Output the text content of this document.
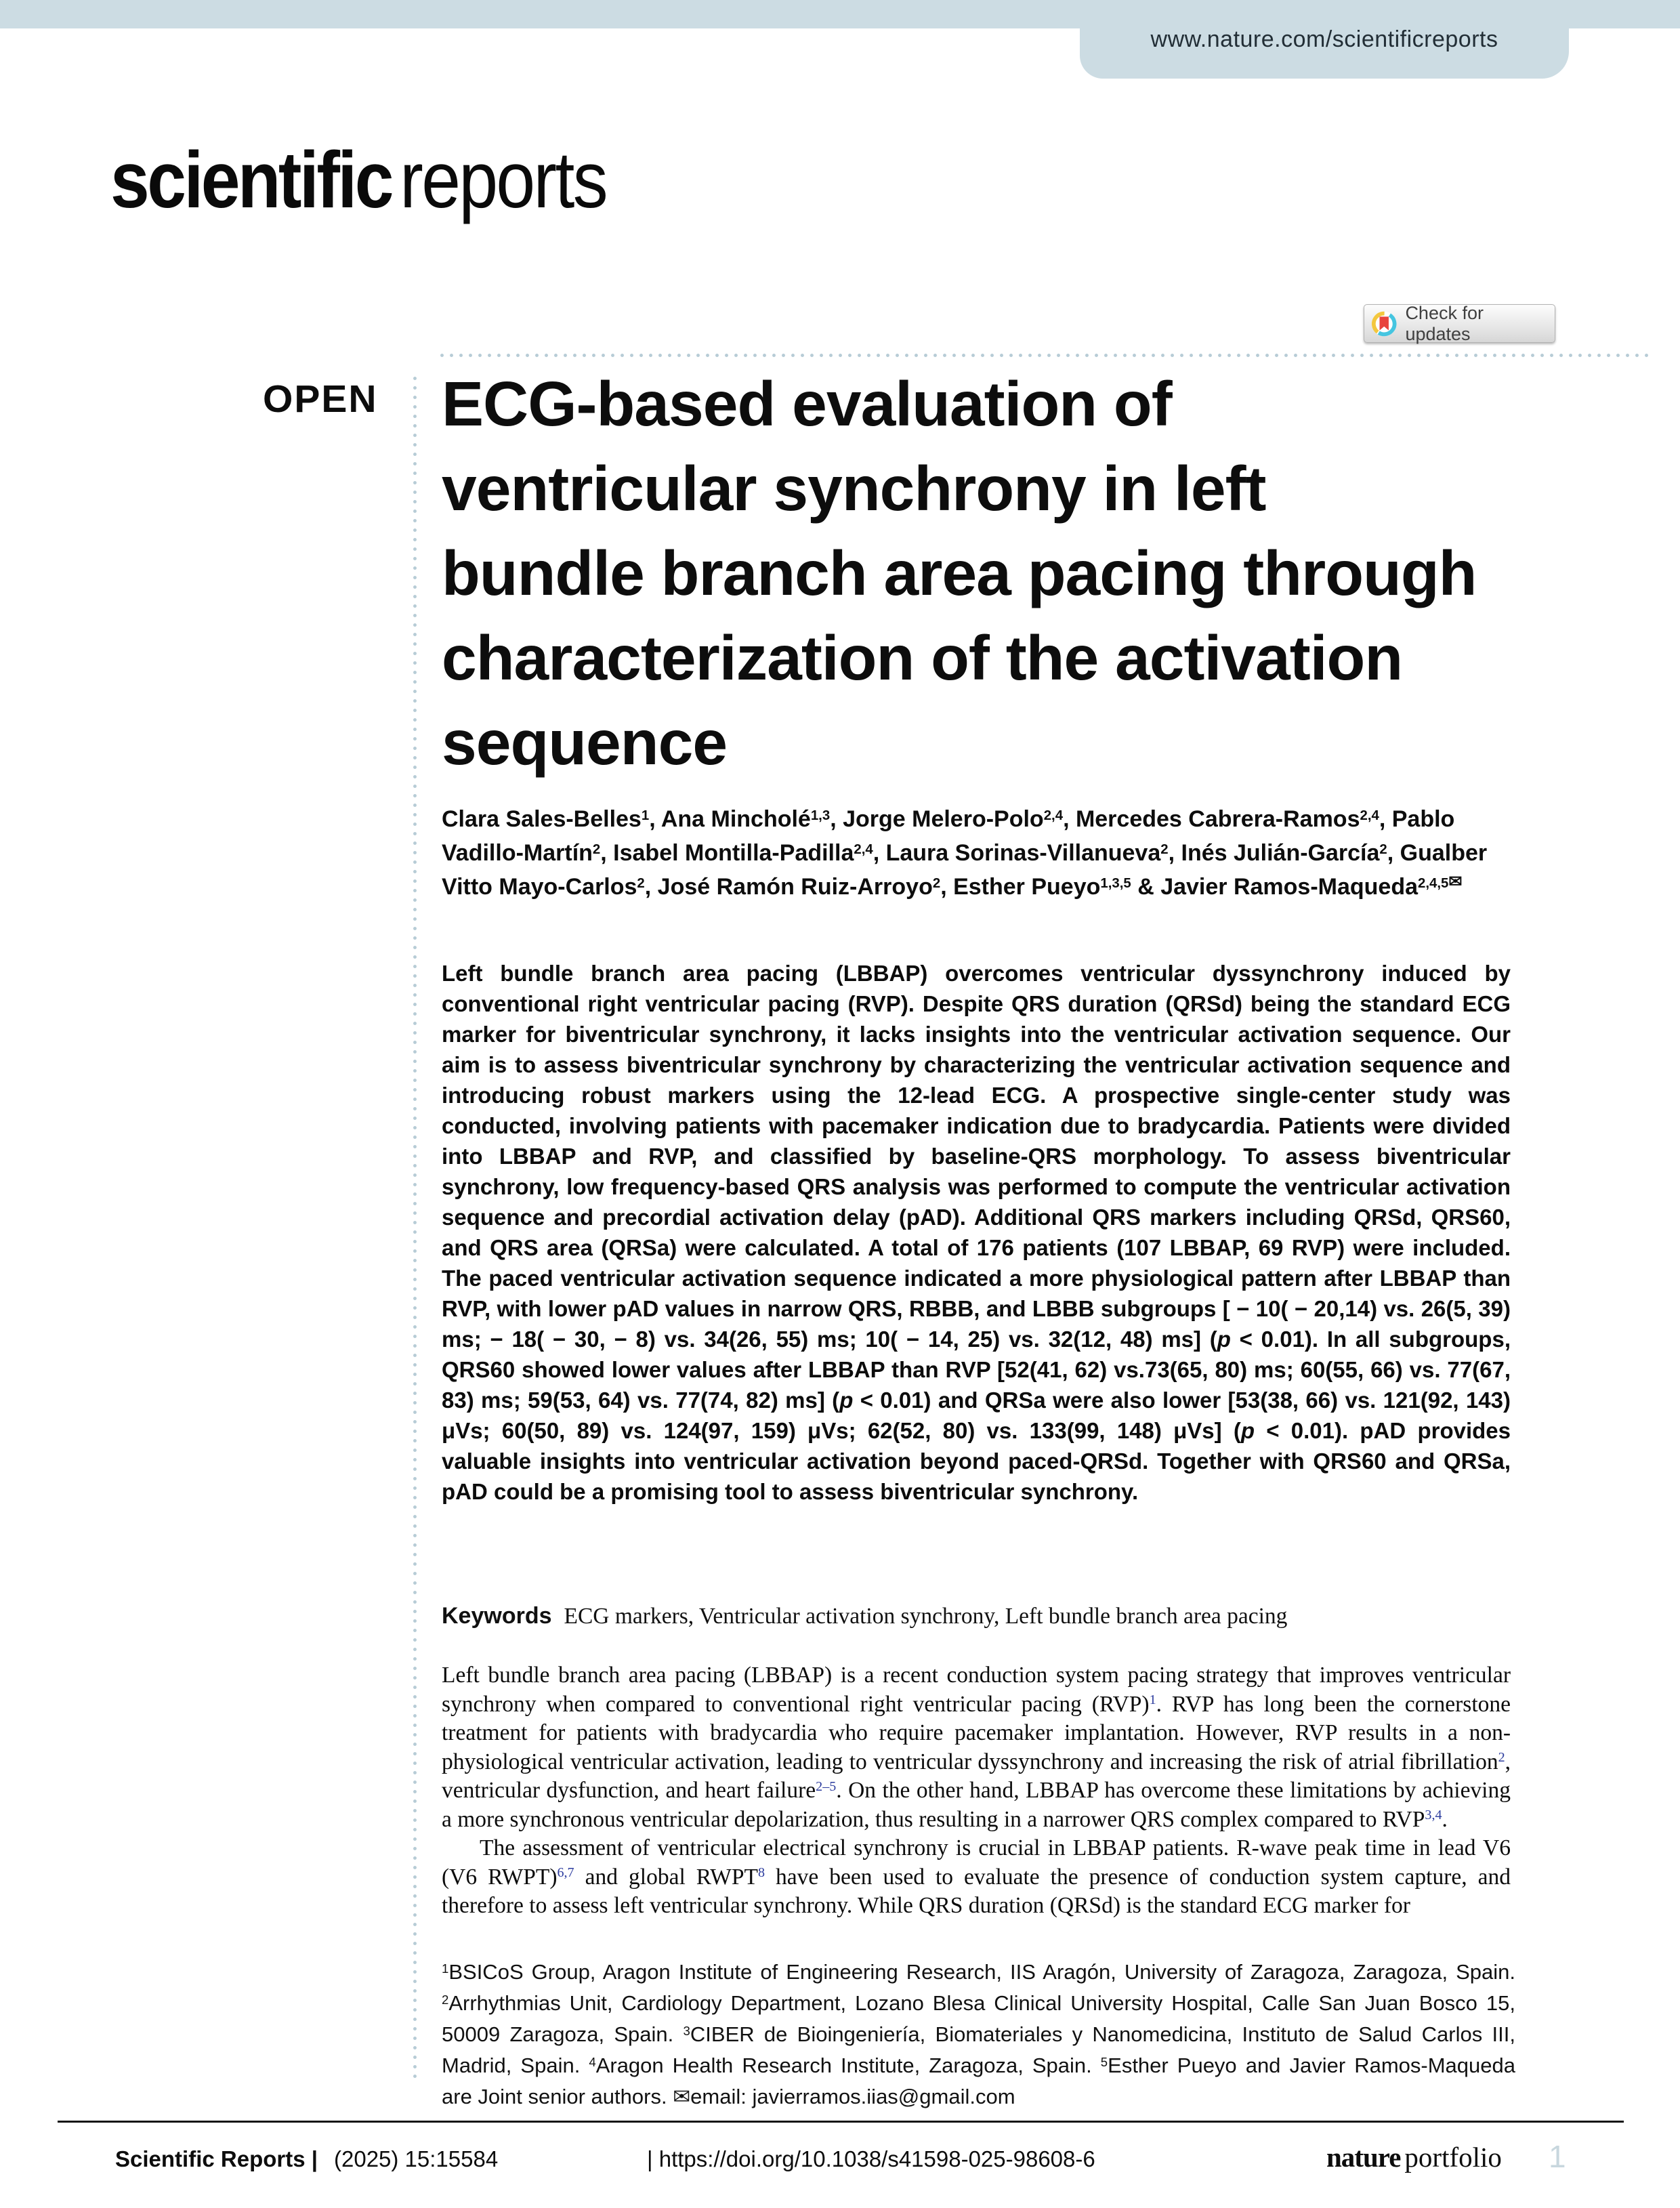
www.nature.com/scientificreports
scientific reports
Check for updates
OPEN ECG-based evaluation of
ventricular synchrony in left
bundle branch area pacing through
characterization of the activation
sequence
Clara Sales-Belles$^1$, Ana Mincholé$^{1,3}$, Jorge Melero-Polo$^{2,4}$, Mercedes Cabrera-Ramos$^{2,4}$, Pablo Vadillo-Martín$^2$, Isabel Montilla-Padilla$^{2,4}$, Laura Sorinas-Villanueva$^2$, Inés Julián-García$^2$, Gualber Vitto Mayo-Carlos$^2$, José Ramón Ruiz-Arroyo$^2$, Esther Pueyo$^{1,3,5}$ & Javier Ramos-Maqueda$^{2,4,5✉}$
Left bundle branch area pacing (LBBAP) overcomes ventricular dyssynchrony induced by conventional right ventricular pacing (RVP). Despite QRS duration (QRSd) being the standard ECG marker for biventricular synchrony, it lacks insights into the ventricular activation sequence. Our aim is to assess biventricular synchrony by characterizing the ventricular activation sequence and introducing robust markers using the 12-lead ECG. A prospective single-center study was conducted, involving patients with pacemaker indication due to bradycardia. Patients were divided into LBBAP and RVP, and classified by baseline-QRS morphology. To assess biventricular synchrony, low frequency-based QRS analysis was performed to compute the ventricular activation sequence and precordial activation delay (pAD). Additional QRS markers including QRSd, QRS60, and QRS area (QRSa) were calculated. A total of 176 patients (107 LBBAP, 69 RVP) were included. The paced ventricular activation sequence indicated a more physiological pattern after LBBAP than RVP, with lower pAD values in narrow QRS, RBBB, and LBBB subgroups [ − 10( − 20,14) vs. 26(5, 39) ms; − 18( − 30, − 8) vs. 34(26, 55) ms; 10( − 14, 25) vs. 32(12, 48) ms] (p < 0.01). In all subgroups, QRS60 showed lower values after LBBAP than RVP [52(41, 62) vs.73(65, 80) ms; 60(55, 66) vs. 77(67, 83) ms; 59(53, 64) vs. 77(74, 82) ms] (p < 0.01) and QRSa were also lower [53(38, 66) vs. 121(92, 143) μVs; 60(50, 89) vs. 124(97, 159) μVs; 62(52, 80) vs. 133(99, 148) μVs] (p < 0.01). pAD provides valuable insights into ventricular activation beyond paced-QRSd. Together with QRS60 and QRSa, pAD could be a promising tool to assess biventricular synchrony.
Keywords ECG markers, Ventricular activation synchrony, Left bundle branch area pacing

Left bundle branch area pacing (LBBAP) is a recent conduction system pacing strategy that improves ventricular synchrony when compared to conventional right ventricular pacing (RVP)$^1$. RVP has long been the cornerstone treatment for patients with bradycardia who require pacemaker implantation. However, RVP results in a non-physiological ventricular activation, leading to ventricular dyssynchrony and increasing the risk of atrial fibrillation$^2$, ventricular dysfunction, and heart failure$^{2-5}$. On the other hand, LBBAP has overcome these limitations by achieving a more synchronous ventricular depolarization, thus resulting in a narrower QRS complex compared to RVP$^{3,4}$.

The assessment of ventricular electrical synchrony is crucial in LBBAP patients. R-wave peak time in lead V6 (V6 RWPT)$^{6,7}$ and global RWPT$^8$ have been used to evaluate the presence of conduction system capture, and therefore to assess left ventricular synchrony. While QRS duration (QRSd) is the standard ECG marker for

$^1$BSICoS Group, Aragon Institute of Engineering Research, IIS Aragón, University of Zaragoza, Zaragoza, Spain. $^2$Arrhythmias Unit, Cardiology Department, Lozano Blesa Clinical University Hospital, Calle San Juan Bosco 15, 50009 Zaragoza, Spain. $^3$CIBER de Bioingeniería, Biomateriales y Nanomedicina, Instituto de Salud Carlos III, Madrid, Spain. $^4$Aragon Health Research Institute, Zaragoza, Spain. $^5$Esther Pueyo and Javier Ramos-Maqueda are Joint senior authors. ✉email: javierramos.iias@gmail.com
Scientific Reports | (2025) 15:15584	| https://doi.org/10.1038/s41598-025-98608-6	nature portfolio 1
